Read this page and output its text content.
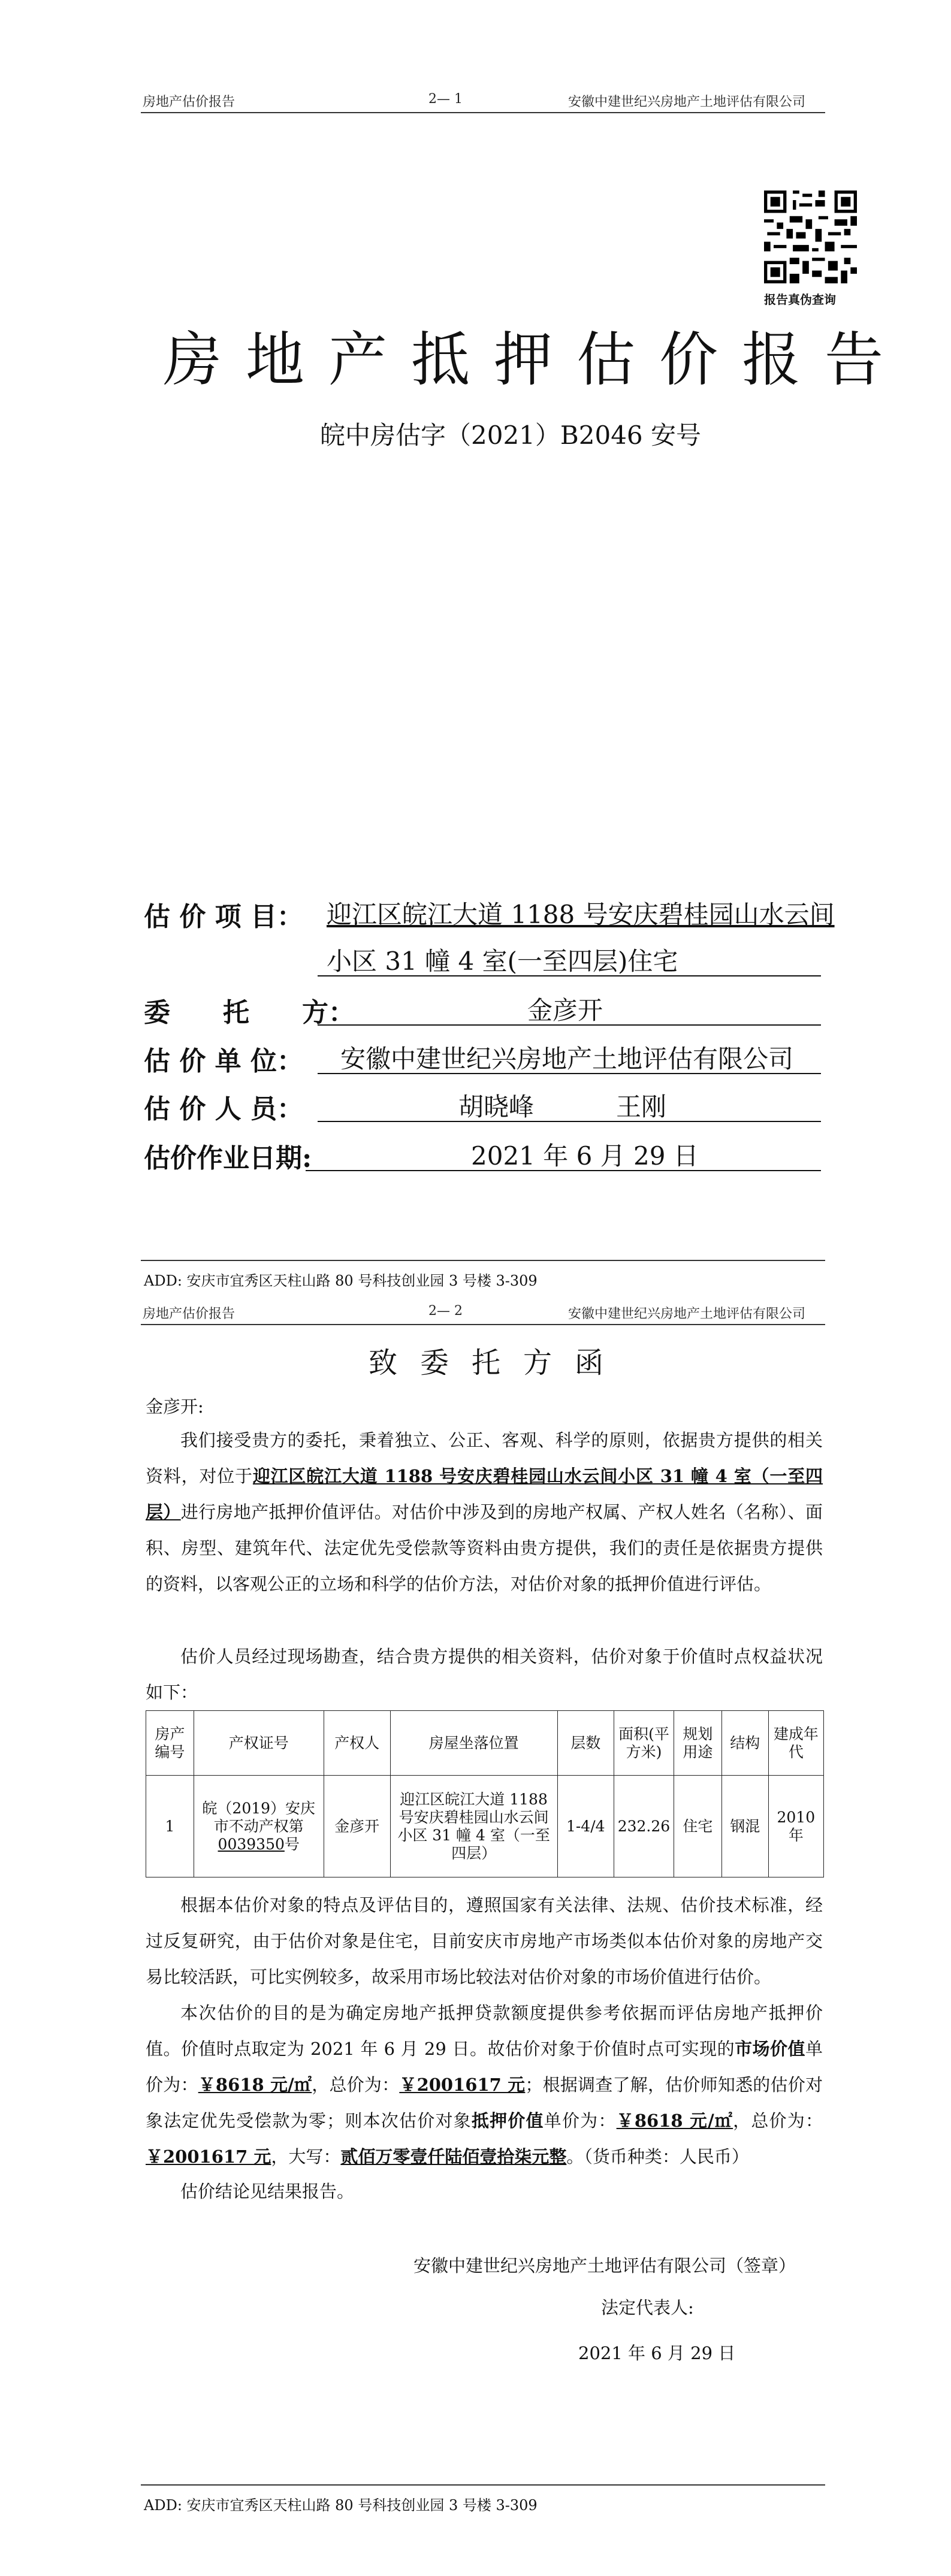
房地产估价报告	2— 1	安徽中建世纪兴房地产土地评估有限公司
报告真伪查询
房地产抵押估价报告
皖中房估字（2021）B2046 安号
估 价 项 目： 迎江区皖江大道 1188 号安庆碧桂园山水云间
小区 31 幢 4 室(一至四层)住宅
委　　托　　方：	金彦开
估 价 单 位： 安徽中建世纪兴房地产土地评估有限公司
估 价 人 员：	胡晓峰	王刚
估价作业日期:	2021 年 6 月 29 日
ADD: 安庆市宜秀区天柱山路 80 号科技创业园 3 号楼 3-309
房地产估价报告	2— 2	安徽中建世纪兴房地产土地评估有限公司
致委托方函
金彦开:
我们接受贵方的委托，秉着独立、公正、客观、科学的原则，依据贵方提供的相关资料，对位于迎江区皖江大道 1188 号安庆碧桂园山水云间小区 31 幢 4 室（一至四层）进行房地产抵押价值评估。对估价中涉及到的房地产权属、产权人姓名（名称）、面积、房型、建筑年代、法定优先受偿款等资料由贵方提供，我们的责任是依据贵方提供的资料，以客观公正的立场和科学的估价方法，对估价对象的抵押价值进行评估。
估价人员经过现场勘查，结合贵方提供的相关资料，估价对象于价值时点权益状况如下：
房产编号	产权证号	产权人	房屋坐落位置	层数	面积(平方米)	规划用途	结构	建成年代
1	皖（2019）安庆市不动产权第0039350号	金彦开	迎江区皖江大道 1188 号安庆碧桂园山水云间小区 31 幢 4 室（一至四层）	1-4/4	232.26	住宅	钢混	2010 年
根据本估价对象的特点及评估目的，遵照国家有关法律、法规、估价技术标准，经过反复研究，由于估价对象是住宅，目前安庆市房地产市场类似本估价对象的房地产交易比较活跃，可比实例较多，故采用市场比较法对估价对象的市场价值进行估价。
本次估价的目的是为确定房地产抵押贷款额度提供参考依据而评估房地产抵押价值。价值时点取定为 2021 年 6 月 29 日。故估价对象于价值时点可实现的市场价值单价为：￥8618 元/㎡，总价为：￥2001617 元；根据调查了解，估价师知悉的估价对象法定优先受偿款为零；则本次估价对象抵押价值单价为：￥8618 元/㎡，总价为：￥2001617 元，大写：贰佰万零壹仟陆佰壹拾柒元整。（货币种类：人民币）
估价结论见结果报告。
安徽中建世纪兴房地产土地评估有限公司（签章）
法定代表人:
2021 年 6 月 29 日
ADD: 安庆市宜秀区天柱山路 80 号科技创业园 3 号楼 3-309
